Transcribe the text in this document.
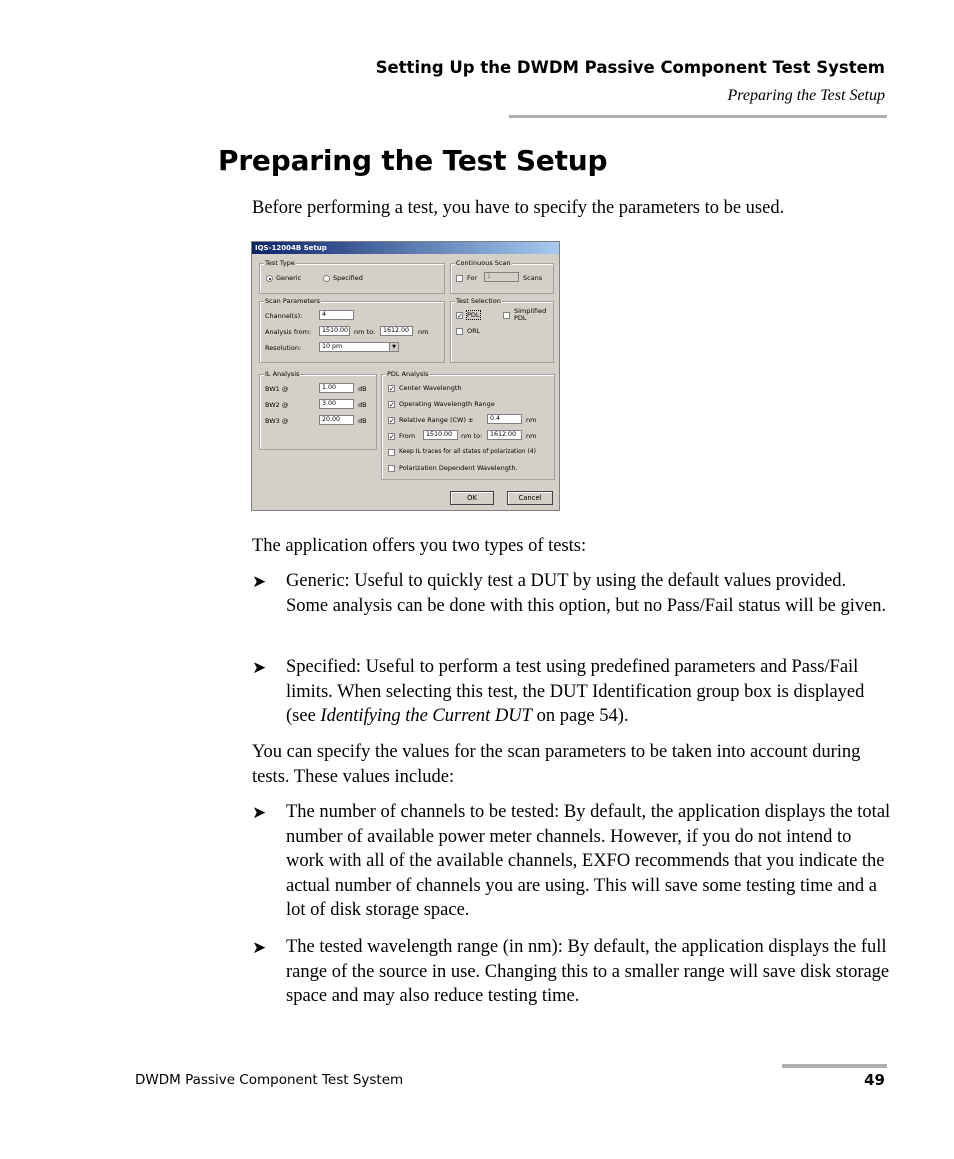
Setting Up the DWDM Passive Component Test System
Preparing the Test Setup
Preparing the Test Setup

Before performing a test, you have to specify the parameters to be used.

IQS-12004B Setup
Test Type
Generic	Specified
Continuous Scan
For	1	Scans
Scan Parameters
Channel(s):	4
Analysis from:	1510.00 nm to:	1612.00	nm
Resolution:	10 pm	▼
Test Selection
✓ PDL	Simplified
PDL
ORL
IL Analysis
BW1 @	1.00	dB
BW2 @	3.00	dB
BW3 @	20.00	dB
PDL Analysis
✓ Center Wavelength
✓ Operating Wavelength Range
✓ Relative Range (CW) ±	0.4	nm
✓ From	1510.00	nm to:	1612.00	nm
Keep IL traces for all states of polarization (4)
Polarization Dependent Wavelength.
OK	Cancel

The application offers you two types of tests:

➤ Generic: Useful to quickly test a DUT by using the default values provided. Some analysis can be done with this option, but no Pass/Fail status will be given.
➤ Specified: Useful to perform a test using predefined parameters and Pass/Fail limits. When selecting this test, the DUT Identification group box is displayed (see Identifying the Current DUT on page 54).

You can specify the values for the scan parameters to be taken into account during tests. These values include:

➤ The number of channels to be tested: By default, the application displays the total number of available power meter channels. However, if you do not intend to work with all of the available channels, EXFO recommends that you indicate the actual number of channels you are using. This will save some testing time and a lot of disk storage space.
➤ The tested wavelength range (in nm): By default, the application displays the full range of the source in use. Changing this to a smaller range will save disk storage space and may also reduce testing time.
DWDM Passive Component Test System	49
